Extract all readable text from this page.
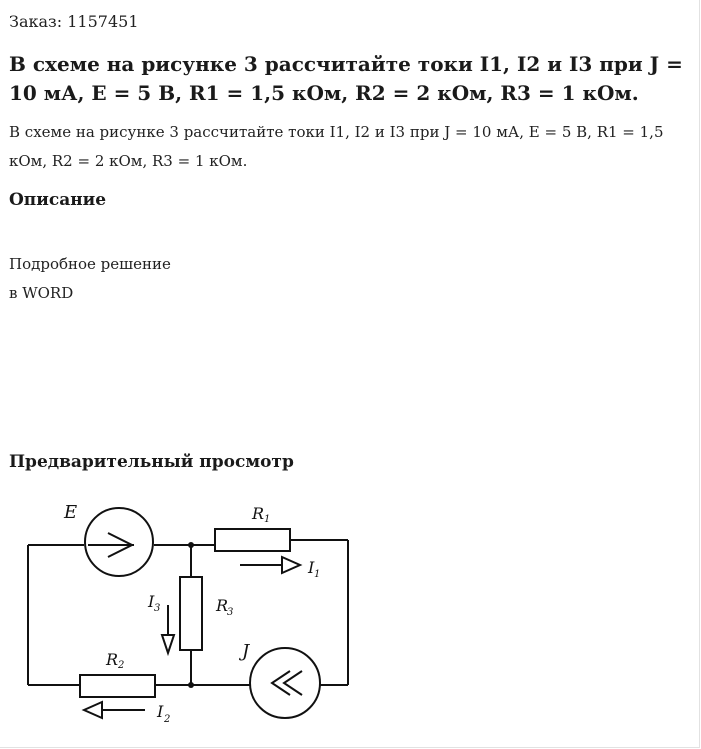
Заказ: 1157451
В схеме на рисунке 3 рассчитайте токи I1, I2 и I3 при J = 10 мА, E = 5 В, R1 = 1,5 кОм, R2 = 2 кОм, R3 = 1 кОм.
В схеме на рисунке 3 рассчитайте токи I1, I2 и I3 при J = 10 мА, E = 5 В, R1 = 1,5 кОм, R2 = 2 кОм, R3 = 1 кОм.
Описание
Подробное решение
в WORD
Предварительный просмотр
E	R 1
I 1
R
3
I 3
J
R 2
I 2
